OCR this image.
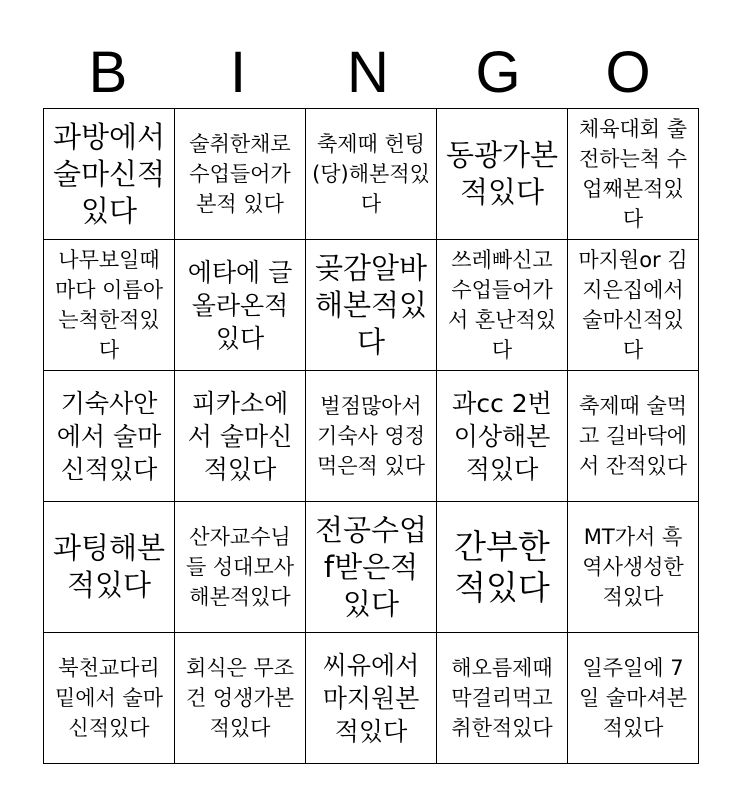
B	I	N	G	O
과방에서 술마신적 있다	술취한채로 수업들어가본적 있다	축제때 헌팅(당)해본적있다	동광가본적있다	체육대회 출전하는척 수업째본적있다

나무보일때마다 이름아는척한적있다	에타에 글 올라온적 있다	곶감알바해본적있다	쓰레빠신고 수업들어가서 혼난적있다	마지원or 김지은집에서 술마신적있다

기숙사안에서 술마신적있다	피카소에서 술마신적있다	벌점많아서 기숙사 영정먹은적 있다	과cc 2번이상해본적있다	축제때 술먹고 길바닥에서 잔적있다

과팅해본적있다	산자교수님들 성대모사해본적있다	전공수업f받은적있다	간부한적있다	MT가서 흑역사생성한적있다

북천교다리밑에서 술마신적있다	회식은 무조건 엉생가본적있다	씨유에서 마지원본적있다	해오름제때 막걸리먹고 취한적있다	일주일에 7일 술마셔본적있다
